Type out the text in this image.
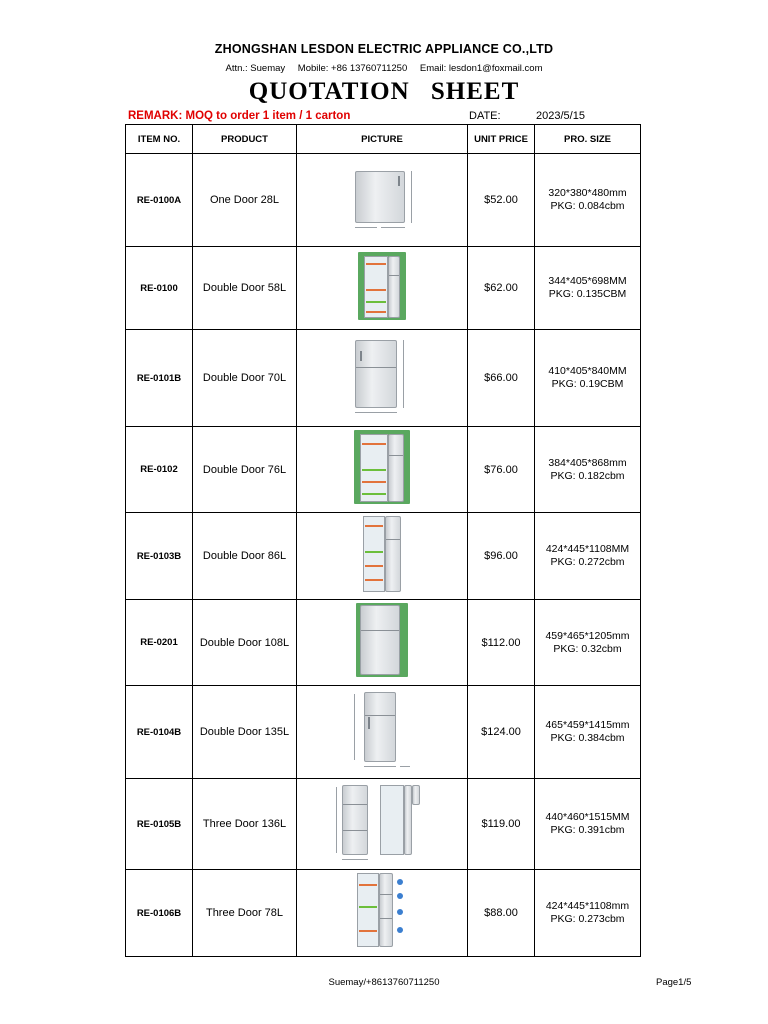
ZHONGSHAN LESDON ELECTRIC APPLIANCE CO.,LTD
Attn.: Suemay Mobile: +86 13760711250 Email: lesdon1@foxmail.com
QUOTATION SHEET
REMARK: MOQ to order 1 item / 1 carton	DATE:	2023/5/15
ITEM NO.	PRODUCT	PICTURE	UNIT PRICE	PRO. SIZE
RE-0100A	One Door 28L		$52.00	320*380*480mm
PKG: 0.084cbm
RE-0100	Double Door 58L		$62.00	344*405*698MM
PKG: 0.135CBM
RE-0101B	Double Door 70L		$66.00	410*405*840MM
PKG: 0.19CBM
RE-0102	Double Door 76L		$76.00	384*405*868mm
PKG: 0.182cbm
RE-0103B	Double Door 86L		$96.00	424*445*1108MM
PKG: 0.272cbm
RE-0201	Double Door 108L		$112.00	459*465*1205mm
PKG: 0.32cbm
RE-0104B	Double Door 135L		$124.00	465*459*1415mm
PKG: 0.384cbm
RE-0105B	Three Door 136L		$119.00	440*460*1515MM
PKG: 0.391cbm
RE-0106B	Three Door 78L		$88.00	424*445*1108mm
PKG: 0.273cbm
Suemay/+8613760711250	Page1/5
